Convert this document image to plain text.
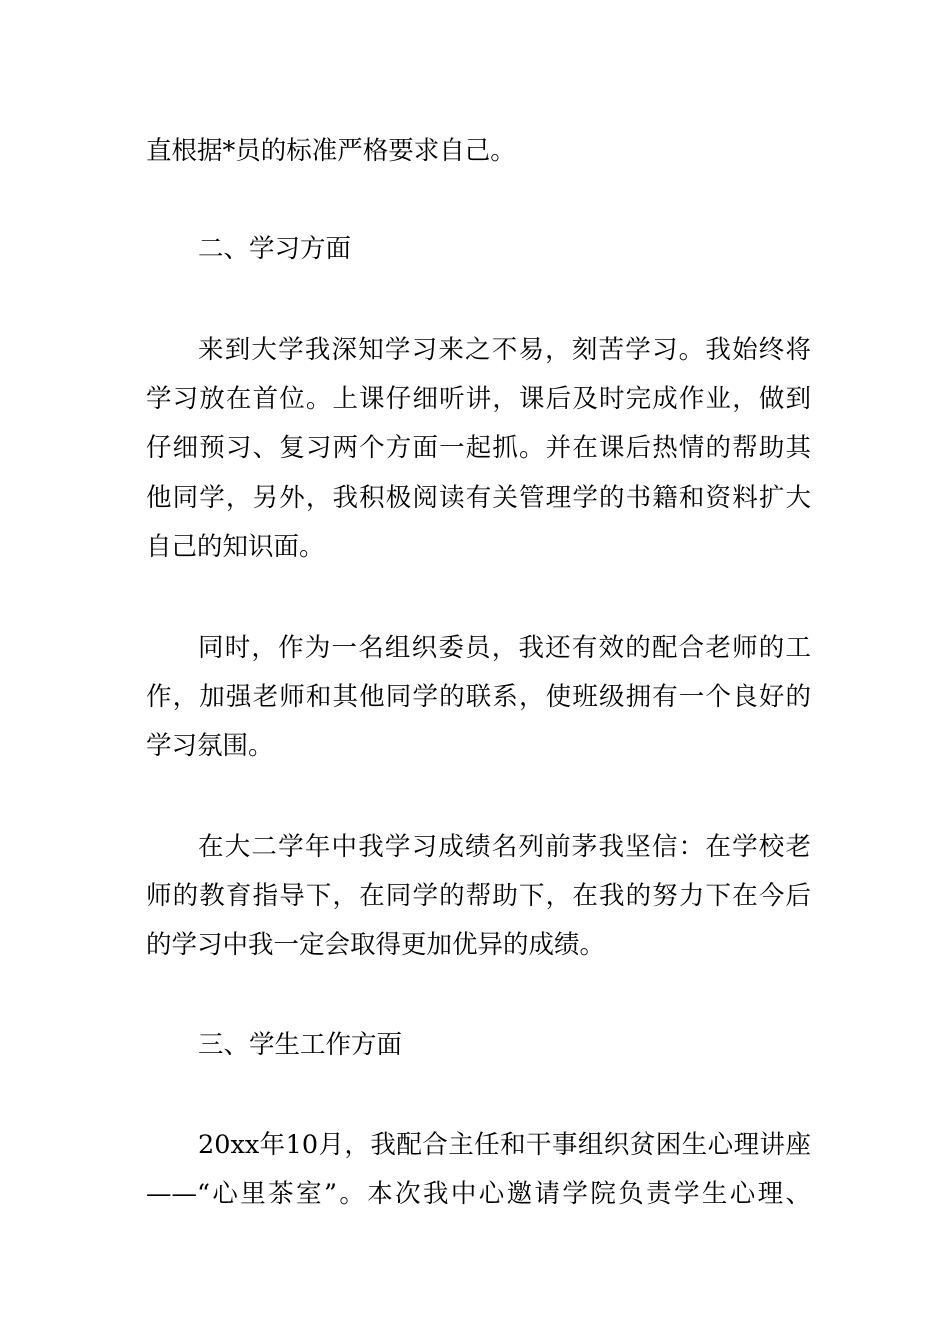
直根据*员的标准严格要求自己。
二、学习方面
来到大学我深知学习来之不易，刻苦学习。我始终将
学习放在首位。上课仔细听讲，课后及时完成作业，做到
仔细预习、复习两个方面一起抓。并在课后热情的帮助其
他同学，另外，我积极阅读有关管理学的书籍和资料扩大
自己的知识面。
同时，作为一名组织委员，我还有效的配合老师的工
作，加强老师和其他同学的联系，使班级拥有一个良好的
学习氛围。
在大二学年中我学习成绩名列前茅我坚信：在学校老
师的教育指导下，在同学的帮助下，在我的努力下在今后
的学习中我一定会取得更加优异的成绩。
三、学生工作方面
20xx年10月，我配合主任和干事组织贫困生心理讲座
——“心里茶室”。本次我中心邀请学院负责学生心理、
